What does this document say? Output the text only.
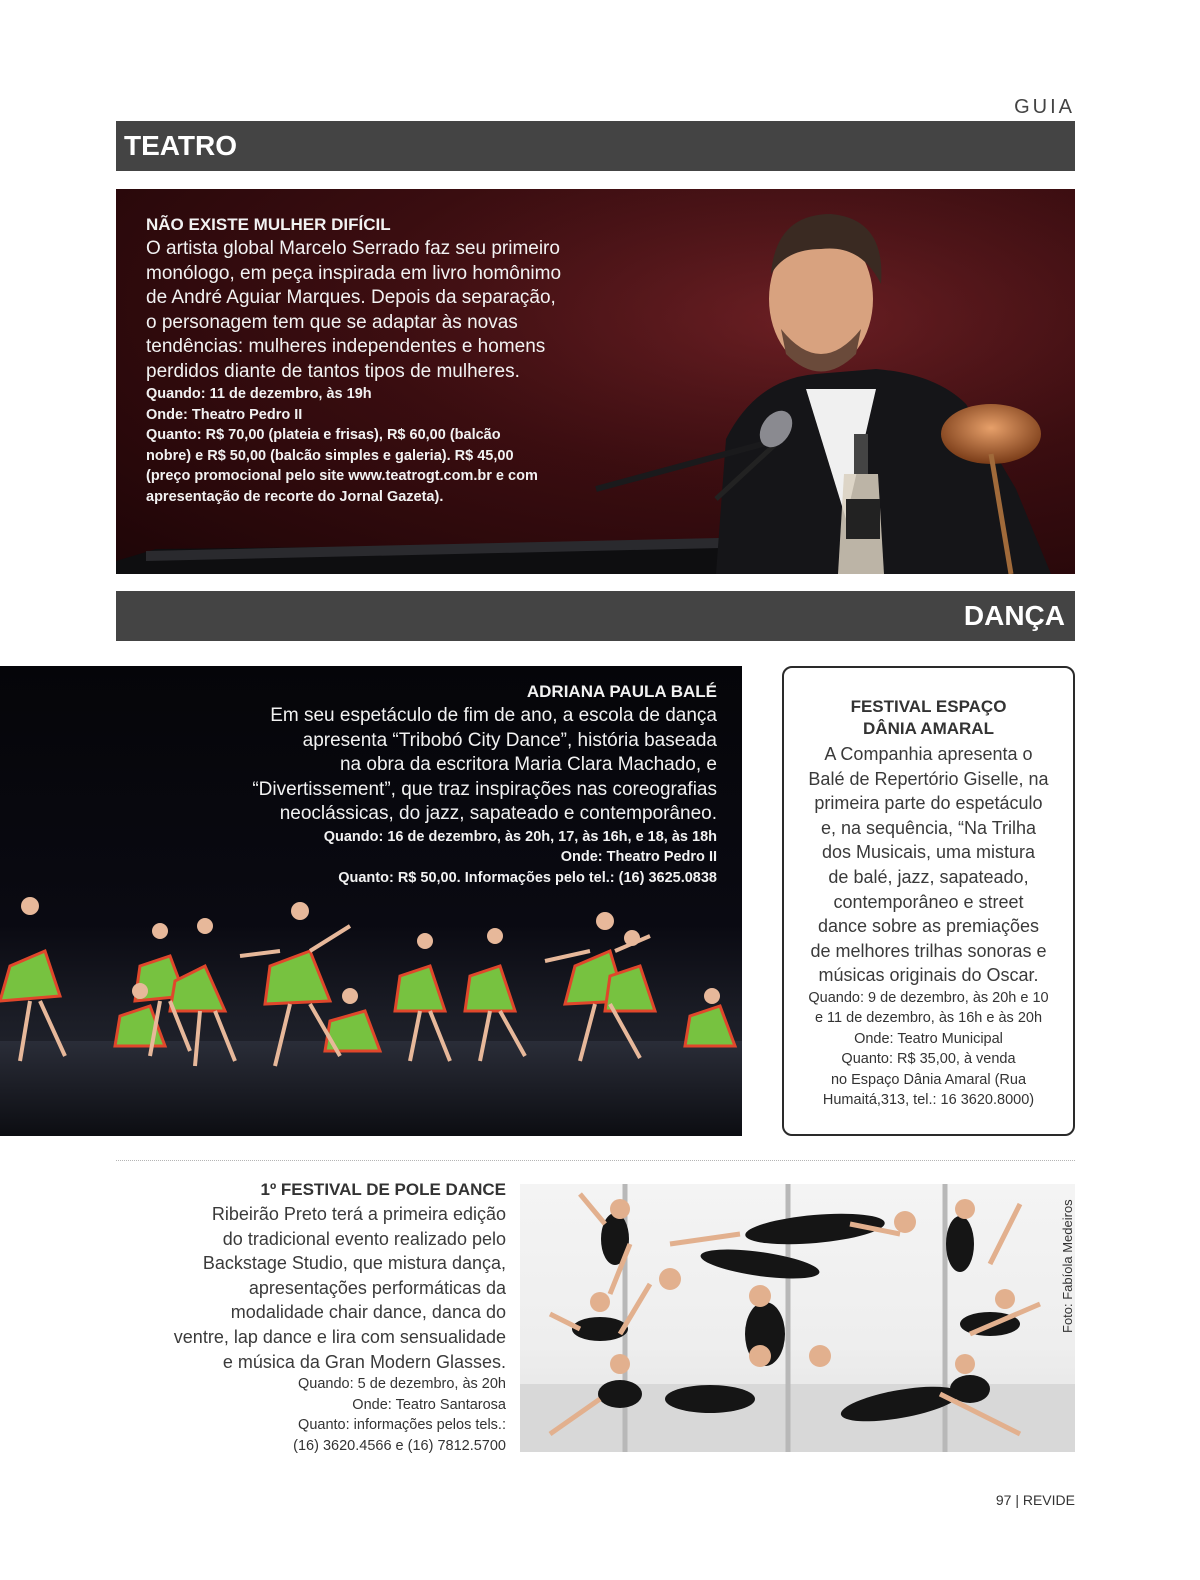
GUIA
TEATRO
NÃO EXISTE MULHER DIFÍCIL
O artista global Marcelo Serrado faz seu primeiro
monólogo, em peça inspirada em livro homônimo
de André Aguiar Marques. Depois da separação,
o personagem tem que se adaptar às novas
tendências: mulheres independentes e homens
perdidos diante de tantos tipos de mulheres.
Quando: 11 de dezembro, às 19h
Onde: Theatro Pedro II
Quanto: R$ 70,00 (plateia e frisas), R$ 60,00 (balcão
nobre) e R$ 50,00 (balcão simples e galeria). R$ 45,00
(preço promocional pelo site www.teatrogt.com.br e com
apresentação de recorte do Jornal Gazeta).
DANÇA
ADRIANA PAULA BALÉ
Em seu espetáculo de fim de ano, a escola de dança
apresenta “Tribobó City Dance”, história baseada
na obra da escritora Maria Clara Machado, e
“Divertissement”, que traz inspirações nas coreografias
neoclássicas, do jazz, sapateado e contemporâneo.
Quando: 16 de dezembro, às 20h, 17, às 16h, e 18, às 18h
Onde: Theatro Pedro II
Quanto: R$ 50,00. Informações pelo tel.: (16) 3625.0838
FESTIVAL ESPAÇO
DÂNIA AMARAL
A Companhia apresenta o
Balé de Repertório Giselle, na
primeira parte do espetáculo
e, na sequência, “Na Trilha
dos Musicais, uma mistura
de balé, jazz, sapateado,
contemporâneo e street
dance sobre as premiações
de melhores trilhas sonoras e
músicas originais do Oscar.
Quando: 9 de dezembro, às 20h e 10
e 11 de dezembro, às 16h e às 20h
Onde: Teatro Municipal
Quanto: R$ 35,00, à venda
no Espaço Dânia Amaral (Rua
Humaitá,313, tel.: 16 3620.8000)
1º FESTIVAL DE POLE DANCE
Ribeirão Preto terá a primeira edição
do tradicional evento realizado pelo
Backstage Studio, que mistura dança,
apresentações performáticas da
modalidade chair dance, danca do
ventre, lap dance e lira com sensualidade
e música da Gran Modern Glasses.
Quando: 5 de dezembro, às 20h
Onde: Teatro Santarosa
Quanto: informações pelos tels.:
(16) 3620.4566 e (16) 7812.5700
Foto: Fabíola Medeiros
97 | REVIDE
